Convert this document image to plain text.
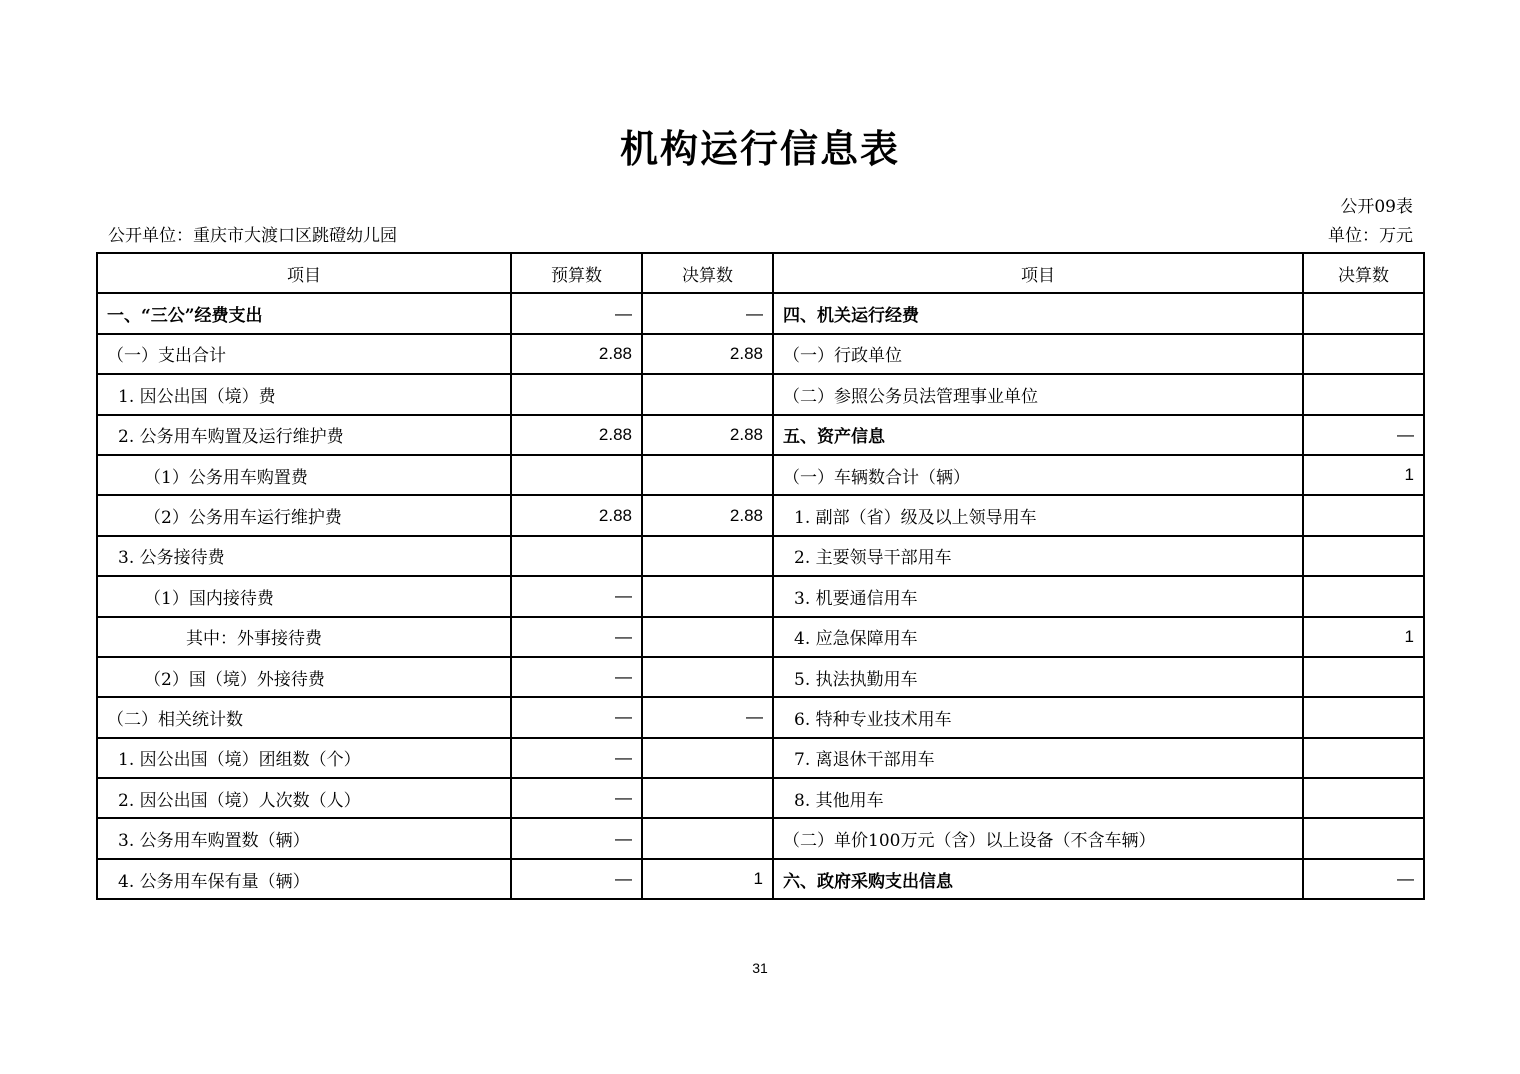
机构运行信息表
公开09表
公开单位：重庆市大渡口区跳磴幼儿园	单位：万元
项目	预算数	决算数	项目	决算数
一、“三公”经费支出	—	—	四、机关运行经费	
（一）支出合计	2.88	2.88	（一）行政单位	
1. 因公出国（境）费			（二）参照公务员法管理事业单位	
2. 公务用车购置及运行维护费	2.88	2.88	五、资产信息	—
（1）公务用车购置费			（一）车辆数合计（辆）	1
（2）公务用车运行维护费	2.88	2.88	1. 副部（省）级及以上领导用车	
3. 公务接待费			2. 主要领导干部用车	
（1）国内接待费	—		3. 机要通信用车	
其中：外事接待费	—		4. 应急保障用车	1
（2）国（境）外接待费	—		5. 执法执勤用车	
（二）相关统计数	—	—	6. 特种专业技术用车	
1. 因公出国（境）团组数（个）	—		7. 离退休干部用车	
2. 因公出国（境）人次数（人）	—		8. 其他用车	
3. 公务用车购置数（辆）	—		（二）单价100万元（含）以上设备（不含车辆）	
4. 公务用车保有量（辆）	—	1	六、政府采购支出信息	—
31
